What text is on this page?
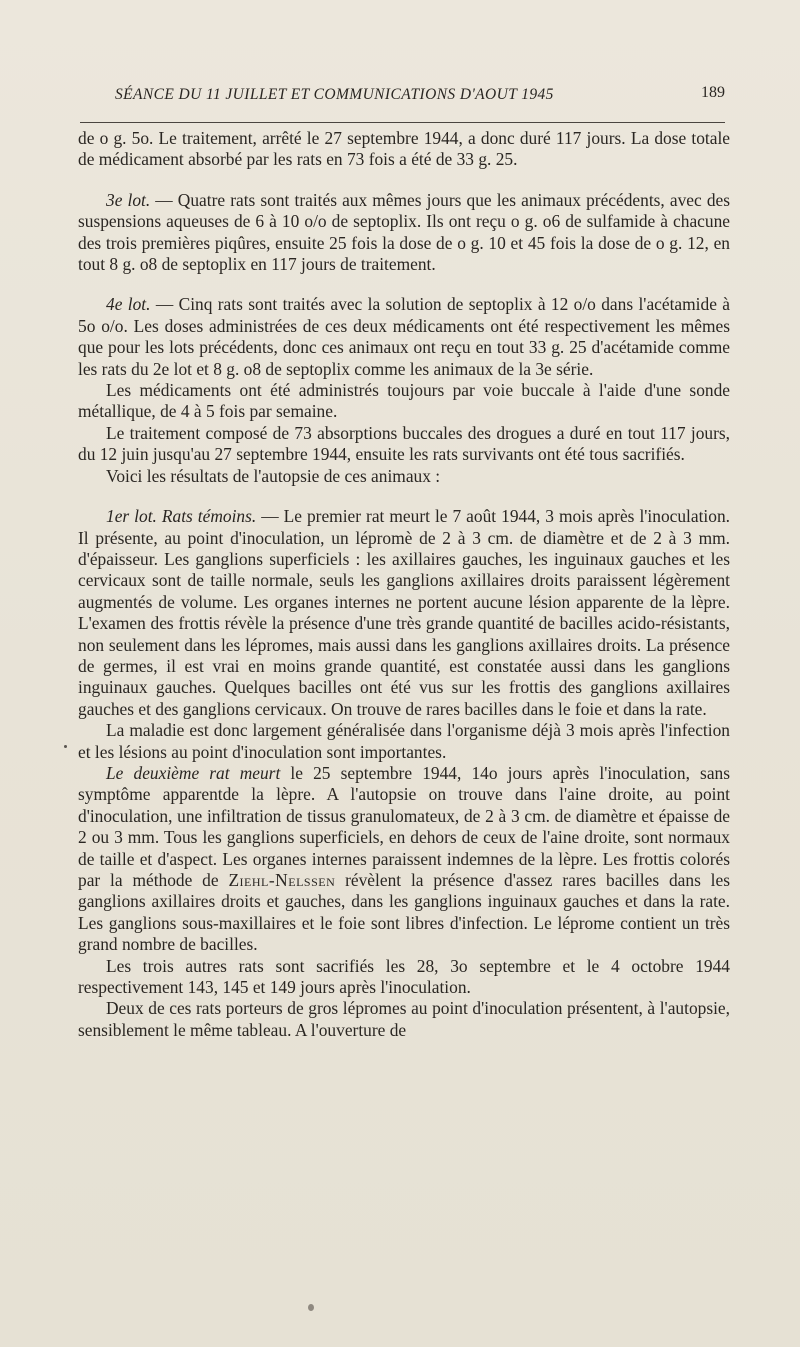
SÉANCE DU 11 JUILLET ET COMMUNICATIONS D'AOUT 1945	189

de o g. 5o. Le traitement, arrêté le 27 septembre 1944, a donc duré 117 jours. La dose totale de médicament absorbé par les rats en 73 fois a été de 33 g. 25.

3e lot. — Quatre rats sont traités aux mêmes jours que les animaux précédents, avec des suspensions aqueuses de 6 à 10 o/o de septoplix. Ils ont reçu o g. o6 de sulfamide à chacune des trois premières piqûres, ensuite 25 fois la dose de o g. 10 et 45 fois la dose de o g. 12, en tout 8 g. o8 de septoplix en 117 jours de traitement.

4e lot. — Cinq rats sont traités avec la solution de septoplix à 12 o/o dans l'acétamide à 5o o/o. Les doses administrées de ces deux médicaments ont été respectivement les mêmes que pour les lots précédents, donc ces animaux ont reçu en tout 33 g. 25 d'acétamide comme les rats du 2e lot et 8 g. o8 de septoplix comme les animaux de la 3e série.

Les médicaments ont été administrés toujours par voie buccale à l'aide d'une sonde métallique, de 4 à 5 fois par semaine.

Le traitement composé de 73 absorptions buccales des drogues a duré en tout 117 jours, du 12 juin jusqu'au 27 septembre 1944, ensuite les rats survivants ont été tous sacrifiés.

Voici les résultats de l'autopsie de ces animaux :

1er lot. Rats témoins. — Le premier rat meurt le 7 août 1944, 3 mois après l'inoculation. Il présente, au point d'inoculation, un lépromè de 2 à 3 cm. de diamètre et de 2 à 3 mm. d'épaisseur. Les ganglions superficiels : les axillaires gauches, les inguinaux gauches et les cervicaux sont de taille normale, seuls les ganglions axillaires droits paraissent légèrement augmentés de volume. Les organes internes ne portent aucune lésion apparente de la lèpre. L'examen des frottis révèle la présence d'une très grande quantité de bacilles acido-résistants, non seulement dans les lépromes, mais aussi dans les ganglions axillaires droits. La présence de germes, il est vrai en moins grande quantité, est constatée aussi dans les ganglions inguinaux gauches. Quelques bacilles ont été vus sur les frottis des ganglions axillaires gauches et des ganglions cervicaux. On trouve de rares bacilles dans le foie et dans la rate.

La maladie est donc largement généralisée dans l'organisme déjà 3 mois après l'infection et les lésions au point d'inoculation sont importantes.

Le deuxième rat meurt le 25 septembre 1944, 14o jours après l'inoculation, sans symptôme apparentde la lèpre. A l'autopsie on trouve dans l'aine droite, au point d'inoculation, une infiltration de tissus granulomateux, de 2 à 3 cm. de diamètre et épaisse de 2 ou 3 mm. Tous les ganglions superficiels, en dehors de ceux de l'aine droite, sont normaux de taille et d'aspect. Les organes internes paraissent indemnes de la lèpre. Les frottis colorés par la méthode de Ziehl-Nelssen révèlent la présence d'assez rares bacilles dans les ganglions axillaires droits et gauches, dans les ganglions inguinaux gauches et dans la rate. Les ganglions sous-maxillaires et le foie sont libres d'infection. Le léprome contient un très grand nombre de bacilles.

Les trois autres rats sont sacrifiés les 28, 3o septembre et le 4 octobre 1944 respectivement 143, 145 et 149 jours après l'inoculation.

Deux de ces rats porteurs de gros lépromes au point d'inoculation présentent, à l'autopsie, sensiblement le même tableau. A l'ouverture de
